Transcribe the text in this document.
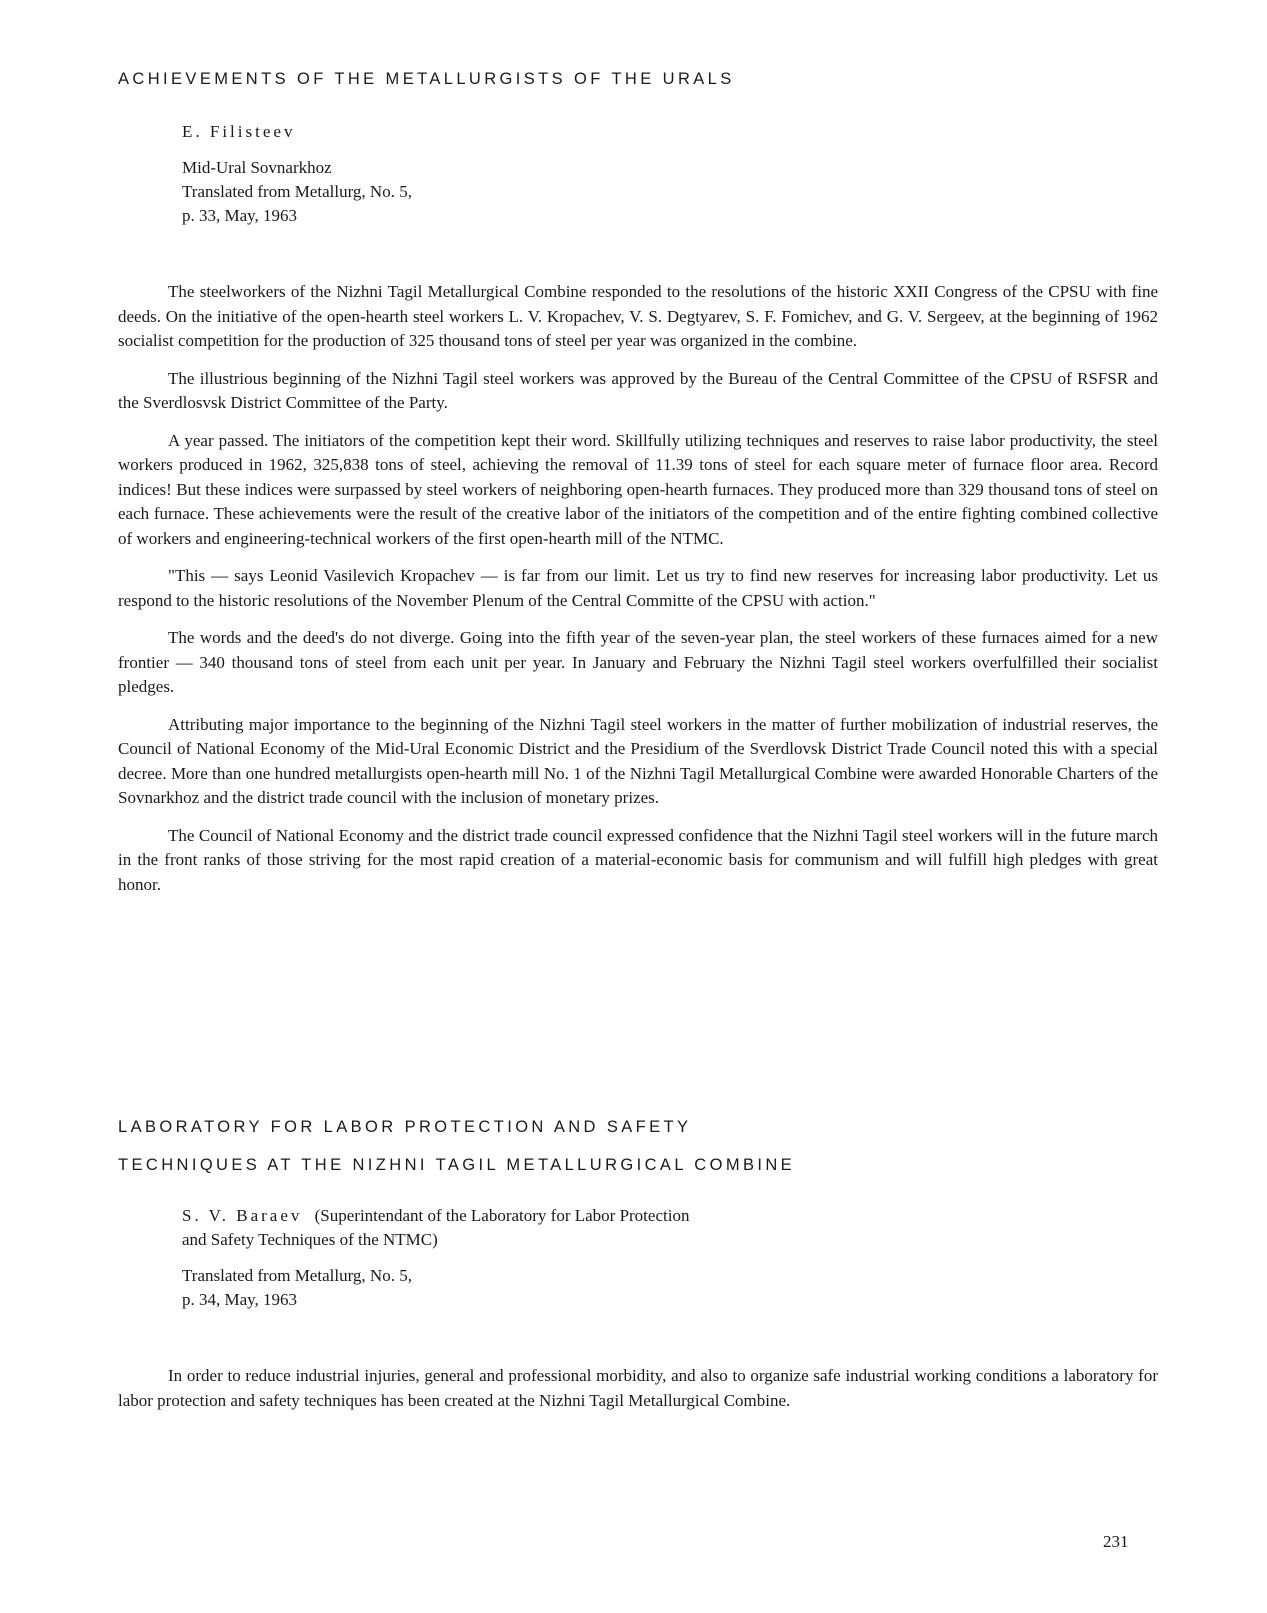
ACHIEVEMENTS OF THE METALLURGISTS OF THE URALS

E. Filisteev

Mid-Ural Sovnarkhoz

Translated from Metallurg, No. 5,

p. 33, May, 1963

The steelworkers of the Nizhni Tagil Metallurgical Combine responded to the resolutions of the historic XXII Congress of the CPSU with fine deeds. On the initiative of the open-hearth steel workers L. V. Kropachev, V. S. Degtyarev, S. F. Fomichev, and G. V. Sergeev, at the beginning of 1962 socialist competition for the production of 325 thousand tons of steel per year was organized in the combine.

The illustrious beginning of the Nizhni Tagil steel workers was approved by the Bureau of the Central Committee of the CPSU of RSFSR and the Sverdlosvsk District Committee of the Party.

A year passed. The initiators of the competition kept their word. Skillfully utilizing techniques and reserves to raise labor productivity, the steel workers produced in 1962, 325,838 tons of steel, achieving the removal of 11.39 tons of steel for each square meter of furnace floor area. Record indices! But these indices were surpassed by steel workers of neighboring open-hearth furnaces. They produced more than 329 thousand tons of steel on each furnace. These achievements were the result of the creative labor of the initiators of the competition and of the entire fighting combined collective of workers and engineering-technical workers of the first open-hearth mill of the NTMC.

"This — says Leonid Vasilevich Kropachev — is far from our limit. Let us try to find new reserves for increasing labor productivity. Let us respond to the historic resolutions of the November Plenum of the Central Committe of the CPSU with action."

The words and the deed's do not diverge. Going into the fifth year of the seven-year plan, the steel workers of these furnaces aimed for a new frontier — 340 thousand tons of steel from each unit per year. In January and February the Nizhni Tagil steel workers overfulfilled their socialist pledges.

Attributing major importance to the beginning of the Nizhni Tagil steel workers in the matter of further mobilization of industrial reserves, the Council of National Economy of the Mid-Ural Economic District and the Presidium of the Sverdlovsk District Trade Council noted this with a special decree. More than one hundred metallurgists open-hearth mill No. 1 of the Nizhni Tagil Metallurgical Combine were awarded Honorable Charters of the Sovnarkhoz and the district trade council with the inclusion of monetary prizes.

The Council of National Economy and the district trade council expressed confidence that the Nizhni Tagil steel workers will in the future march in the front ranks of those striving for the most rapid creation of a material-economic basis for communism and will fulfill high pledges with great honor.

LABORATORY FOR LABOR PROTECTION AND SAFETY
TECHNIQUES AT THE NIZHNI TAGIL METALLURGICAL COMBINE

S. V. Baraev (Superintendant of the Laboratory for Labor Protection

and Safety Techniques of the NTMC)

Translated from Metallurg, No. 5,

p. 34, May, 1963

In order to reduce industrial injuries, general and professional morbidity, and also to organize safe industrial working conditions a laboratory for labor protection and safety techniques has been created at the Nizhni Tagil Metallurgical Combine.

231
